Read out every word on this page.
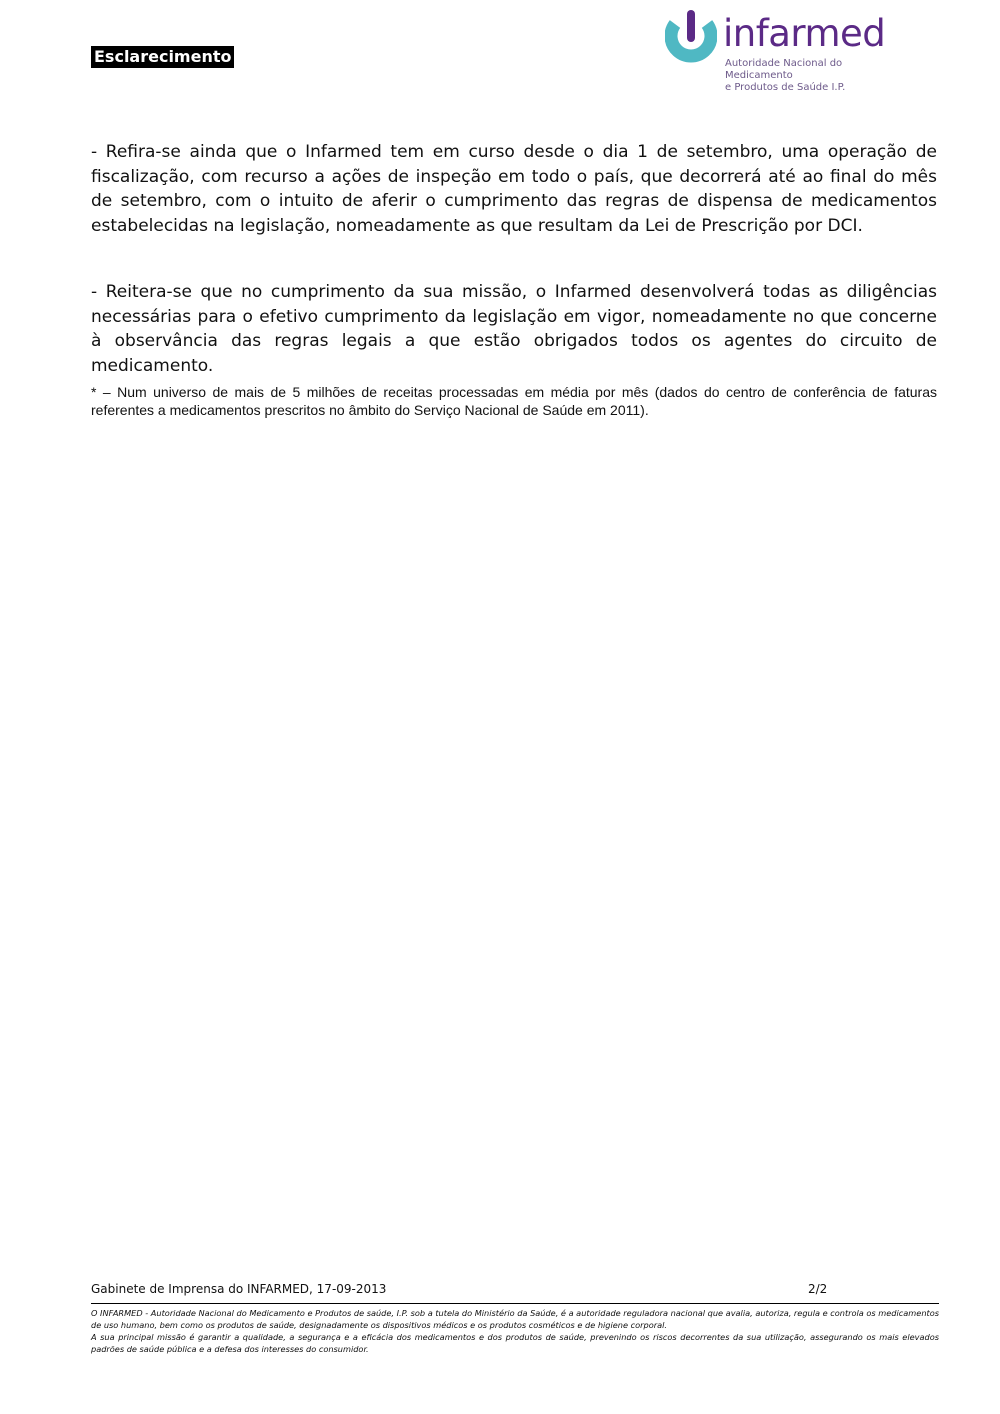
Esclarecimento
infarmed
Autoridade Nacional do Medicamento
e Produtos de Saúde I.P.

- Refira-se ainda que o Infarmed tem em curso desde o dia 1 de setembro, uma operação de fiscalização, com recurso a ações de inspeção em todo o país, que decorrerá até ao final do mês de setembro, com o intuito de aferir o cumprimento das regras de dispensa de medicamentos estabelecidas na legislação, nomeadamente as que resultam da Lei de Prescrição por DCI.

- Reitera-se que no cumprimento da sua missão, o Infarmed desenvolverá todas as diligências necessárias para o efetivo cumprimento da legislação em vigor, nomeadamente no que concerne à observância das regras legais a que estão obrigados todos os agentes do circuito de medicamento.

* – Num universo de mais de 5 milhões de receitas processadas em média por mês (dados do centro de conferência de faturas referentes a medicamentos prescritos no âmbito do Serviço Nacional de Saúde em 2011).

Gabinete de Imprensa do INFARMED, 17-09-2013	2/2
O INFARMED - Autoridade Nacional do Medicamento e Produtos de saúde, I.P. sob a tutela do Ministério da Saúde, é a autoridade reguladora nacional que avalia, autoriza, regula e controla os medicamentos de uso humano, bem como os produtos de saúde, designadamente os dispositivos médicos e os produtos cosméticos e de higiene corporal.
A sua principal missão é garantir a qualidade, a segurança e a eficácia dos medicamentos e dos produtos de saúde, prevenindo os riscos decorrentes da sua utilização, assegurando os mais elevados padrões de saúde pública e a defesa dos interesses do consumidor.
